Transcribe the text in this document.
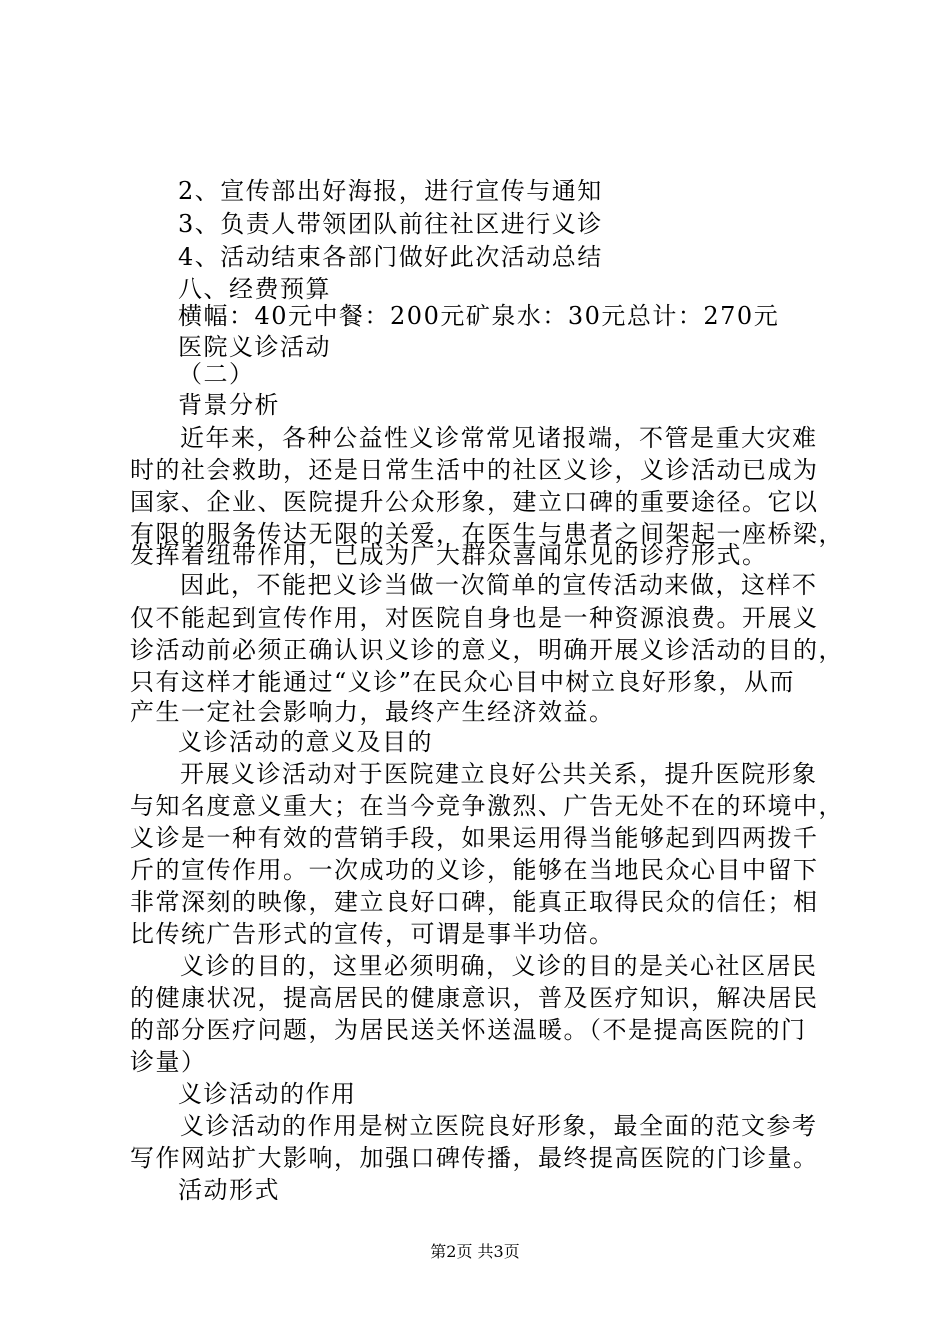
2、宣传部出好海报，进行宣传与通知
3、负责人带领团队前往社区进行义诊
4、活动结束各部门做好此次活动总结
八、经费预算
横幅：40元中餐：200元矿泉水：30元总计：270元
医院义诊活动
（二）
背景分析
近年来，各种公益性义诊常常见诸报端，不管是重大灾难
时的社会救助，还是日常生活中的社区义诊，义诊活动已成为
国家、企业、医院提升公众形象，建立口碑的重要途径。它以
有限的服务传达无限的关爱，在医生与患者之间架起一座桥梁，
发挥着纽带作用，已成为广大群众喜闻乐见的诊疗形式。
因此，不能把义诊当做一次简单的宣传活动来做，这样不
仅不能起到宣传作用，对医院自身也是一种资源浪费。开展义
诊活动前必须正确认识义诊的意义，明确开展义诊活动的目的，
只有这样才能通过“义诊”在民众心目中树立良好形象，从而
产生一定社会影响力，最终产生经济效益。
义诊活动的意义及目的
开展义诊活动对于医院建立良好公共关系，提升医院形象
与知名度意义重大；在当今竞争激烈、广告无处不在的环境中，
义诊是一种有效的营销手段，如果运用得当能够起到四两拨千
斤的宣传作用。一次成功的义诊，能够在当地民众心目中留下
非常深刻的映像，建立良好口碑，能真正取得民众的信任；相
比传统广告形式的宣传，可谓是事半功倍。
义诊的目的，这里必须明确，义诊的目的是关心社区居民
的健康状况，提高居民的健康意识，普及医疗知识，解决居民
的部分医疗问题，为居民送关怀送温暖。（不是提高医院的门
诊量）
义诊活动的作用
义诊活动的作用是树立医院良好形象，最全面的范文参考
写作网站扩大影响，加强口碑传播，最终提高医院的门诊量。
活动形式
第2页 共3页
